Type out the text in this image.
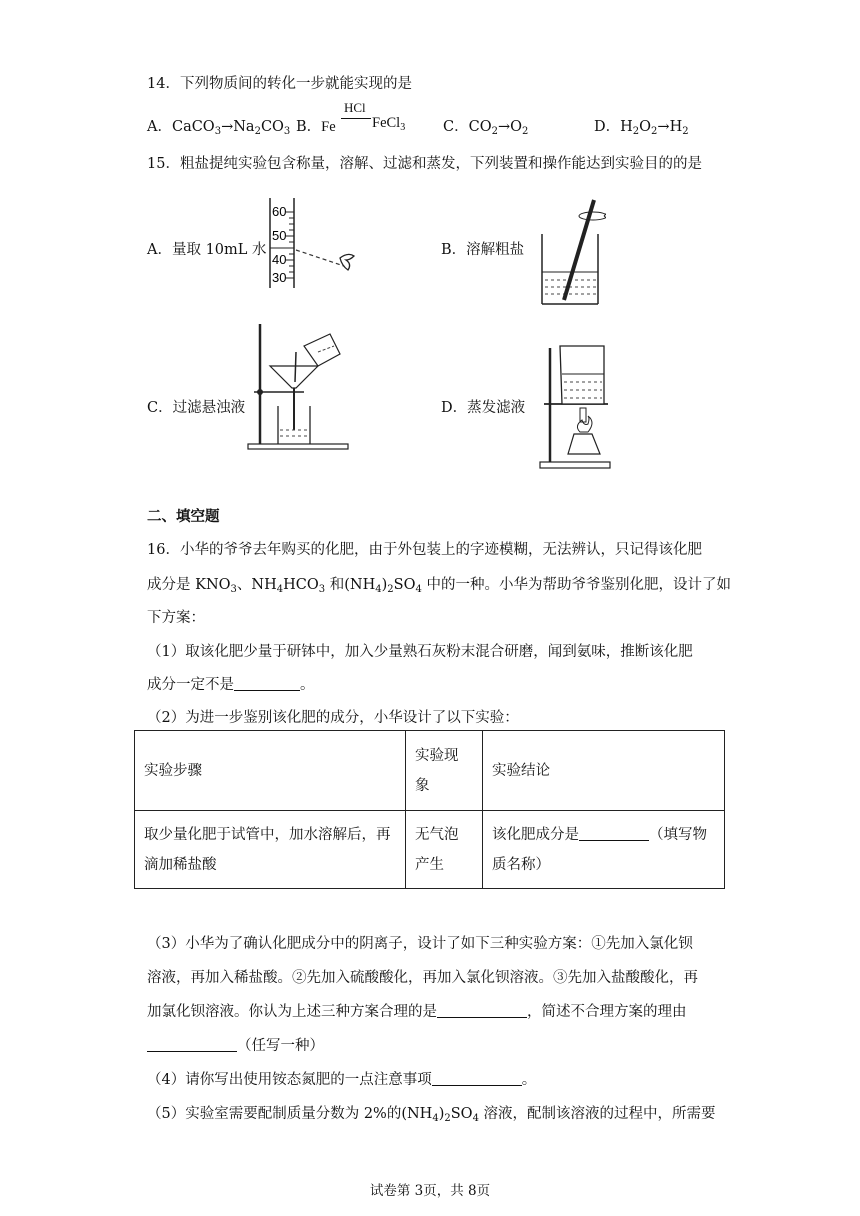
14．下列物质间的转化一步就能实现的是
A．$CaCO_3\to Na_2CO_3$ B．Fe
HCl
FeCl$_3$	C．$CO_2\to O_2$	D．$H_2O_2\to H_2$
15．粗盐提纯实验包含称量，溶解、过滤和蒸发，下列装置和操作能达到实验目的的是
A．量取 10mL 水
60
50
40
30
B．溶解粗盐
C．过滤悬浊液	D．蒸发滤液
二、填空题
16．小华的爷爷去年购买的化肥，由于外包装上的字迹模糊，无法辨认，只记得该化肥
成分是 $KNO_3$、$NH_4HCO_3$ 和$(NH_4)_2SO_4$ 中的一种。小华为帮助爷爷鉴别化肥，设计了如
下方案：
（1）取该化肥少量于研钵中，加入少量熟石灰粉末混合研磨，闻到氨味，推断该化肥
成分一定不是	。
（2）为进一步鉴别该化肥的成分，小华设计了以下实验：
实验步骤	实验现
象	实验结论
取少量化肥于试管中，加水溶解后，再
滴加稀盐酸	无气泡
产生	该化肥成分是 （填写物
质名称）
（3）小华为了确认化肥成分中的阴离子，设计了如下三种实验方案：①先加入氯化钡
溶液，再加入稀盐酸。②先加入硫酸酸化，再加入氯化钡溶液。③先加入盐酸酸化，再
加氯化钡溶液。你认为上述三种方案合理的是	，简述不合理方案的理由
（任写一种）
（4）请你写出使用铵态氮肥的一点注意事项	。
（5）实验室需要配制质量分数为 2%的$(NH_4)_2SO_4$ 溶液，配制该溶液的过程中，所需要
试卷第 3页，共 8页
